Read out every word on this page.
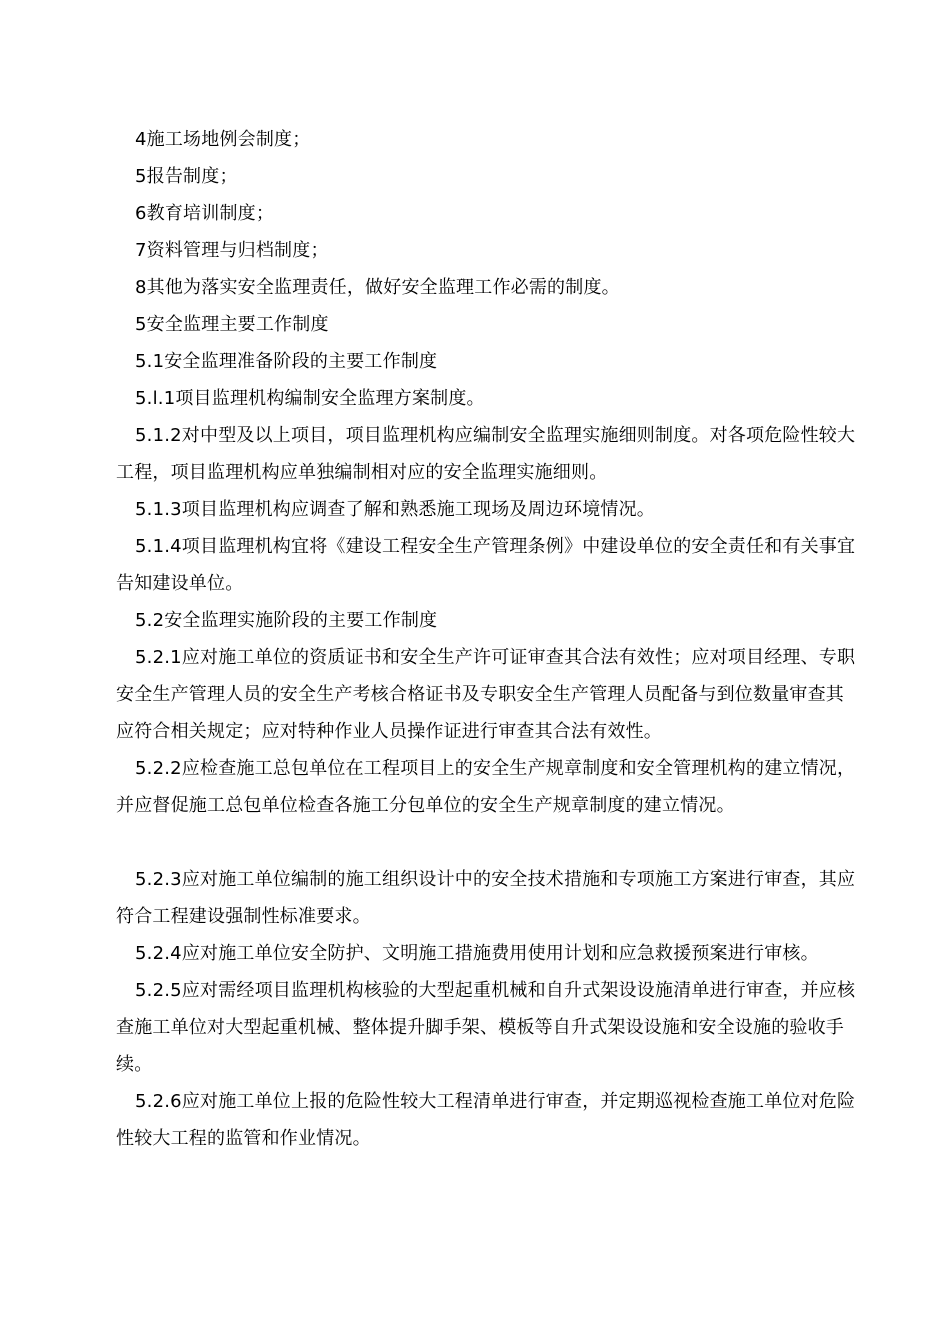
4施工场地例会制度；

5报告制度；

6教育培训制度；

7资料管理与归档制度；

8其他为落实安全监理责任，做好安全监理工作必需的制度。

5安全监理主要工作制度

5.1安全监理准备阶段的主要工作制度

5.l.1项目监理机构编制安全监理方案制度。

5.1.2对中型及以上项目，项目监理机构应编制安全监理实施细则制度。对各项危险性较大工程，项目监理机构应单独编制相对应的安全监理实施细则。

5.1.3项目监理机构应调查了解和熟悉施工现场及周边环境情况。

5.1.4项目监理机构宜将《建设工程安全生产管理条例》中建设单位的安全责任和有关事宜告知建设单位。

5.2安全监理实施阶段的主要工作制度

5.2.1应对施工单位的资质证书和安全生产许可证审查其合法有效性；应对项目经理、专职安全生产管理人员的安全生产考核合格证书及专职安全生产管理人员配备与到位数量审查其应符合相关规定；应对特种作业人员操作证进行审查其合法有效性。

5.2.2应检查施工总包单位在工程项目上的安全生产规章制度和安全管理机构的建立情况，并应督促施工总包单位检查各施工分包单位的安全生产规章制度的建立情况。

5.2.3应对施工单位编制的施工组织设计中的安全技术措施和专项施工方案进行审查，其应符合工程建设强制性标准要求。

5.2.4应对施工单位安全防护、文明施工措施费用使用计划和应急救援预案进行审核。

5.2.5应对需经项目监理机构核验的大型起重机械和自升式架设设施清单进行审查，并应核查施工单位对大型起重机械、整体提升脚手架、模板等自升式架设设施和安全设施的验收手续。

5.2.6应对施工单位上报的危险性较大工程清单进行审查，并定期巡视检查施工单位对危险性较大工程的监管和作业情况。
